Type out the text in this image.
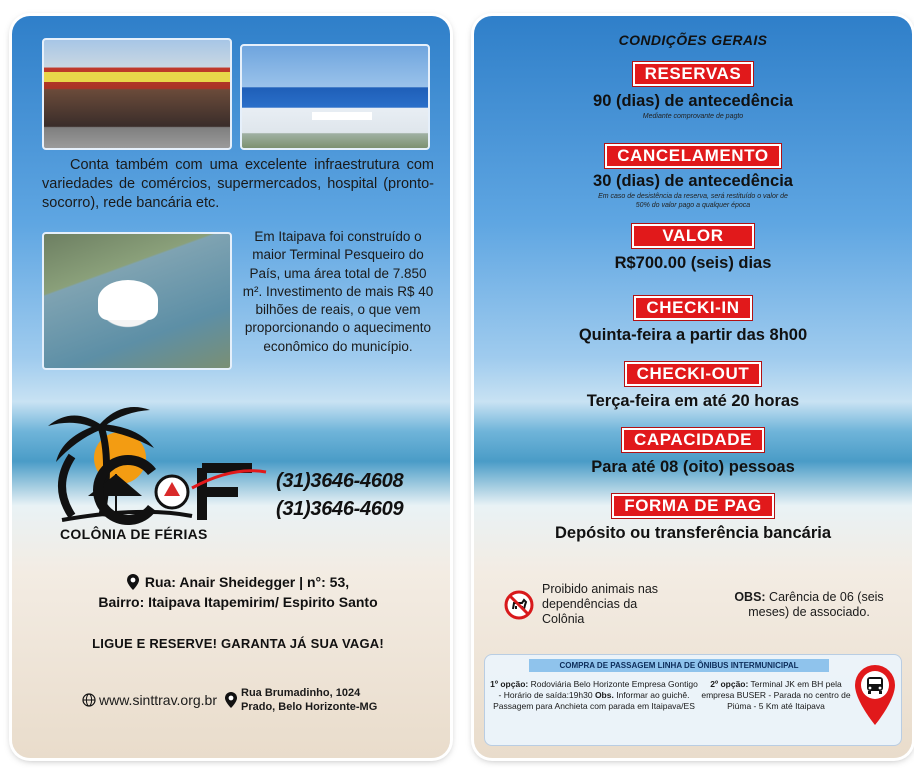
Conta também com uma excelente infraestrutura com variedades de comércios, supermercados, hospital (pronto-socorro), rede bancária etc.

Em Itaipava foi construído o maior Terminal Pesqueiro do País, uma área total de 7.850 m². Investimento de mais R$ 40 bilhões de reais, o que vem proporcionando o aquecimento econômico do município.

COLÔNIA DE FÉRIAS
(31)3646-4608
(31)3646-4609
Rua: Anair Sheidegger | n°: 53,
Bairro: Itaipava Itapemirim/ Espirito Santo
LIGUE E RESERVE! GARANTA JÁ SUA VAGA!
www.sinttrav.org.br Rua Brumadinho, 1024
Prado, Belo Horizonte-MG
CONDIÇÕES GERAIS
RESERVAS
90 (dias) de antecedência
Mediante comprovante de pagto
CANCELAMENTO
30 (dias) de antecedência
Em caso de desistência da reserva, será restituído o valor de 50% do valor pago a qualquer época
VALOR
R$700.00 (seis) dias
CHECKI-IN
Quinta-feira a partir das 8h00
CHECKI-OUT
Terça-feira em até 20 horas
CAPACIDADE
Para até 08 (oito) pessoas
FORMA DE PAG
Depósito ou transferência bancária
Proibido animais nas dependências da Colônia
OBS: Carência de 06 (seis meses) de associado.
COMPRA DE PASSAGEM LINHA DE ÔNIBUS INTERMUNICIPAL
1º opção: Rodoviária Belo Horizonte Empresa Gontigo - Horário de saída:19h30 Obs. Informar ao guichê. Passagem para Anchieta com parada em Itaipava/ES
2º opção: Terminal JK em BH pela empresa BUSER - Parada no centro de Piúma - 5 Km até Itaipava
